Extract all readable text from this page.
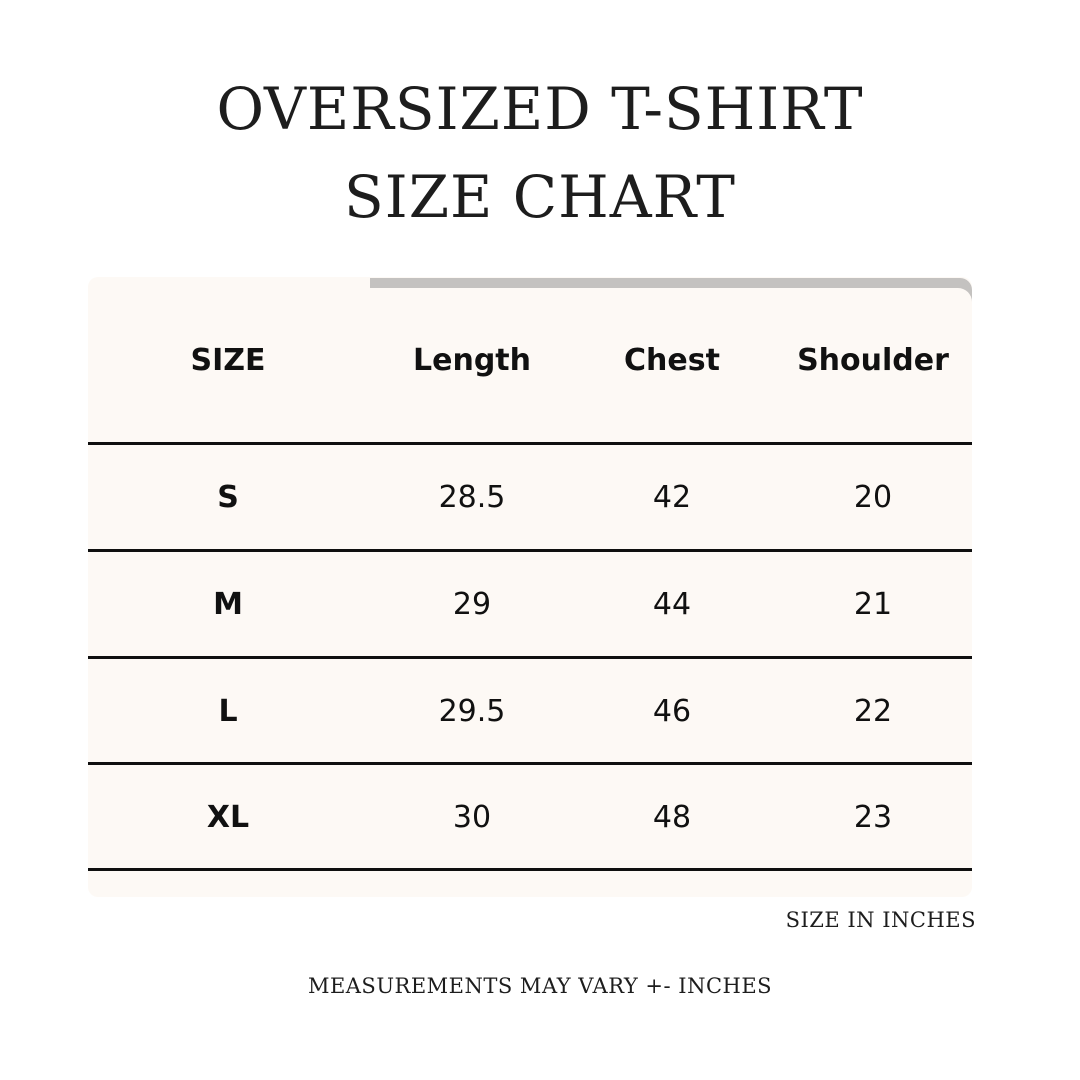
OVERSIZED T-SHIRT
SIZE CHART
SIZE	Length	Chest	Shoulder
S	28.5	42	20
M	29	44	21
L	29.5	46	22
XL	30	48	23

SIZE IN INCHES

MEASUREMENTS MAY VARY +- INCHES
